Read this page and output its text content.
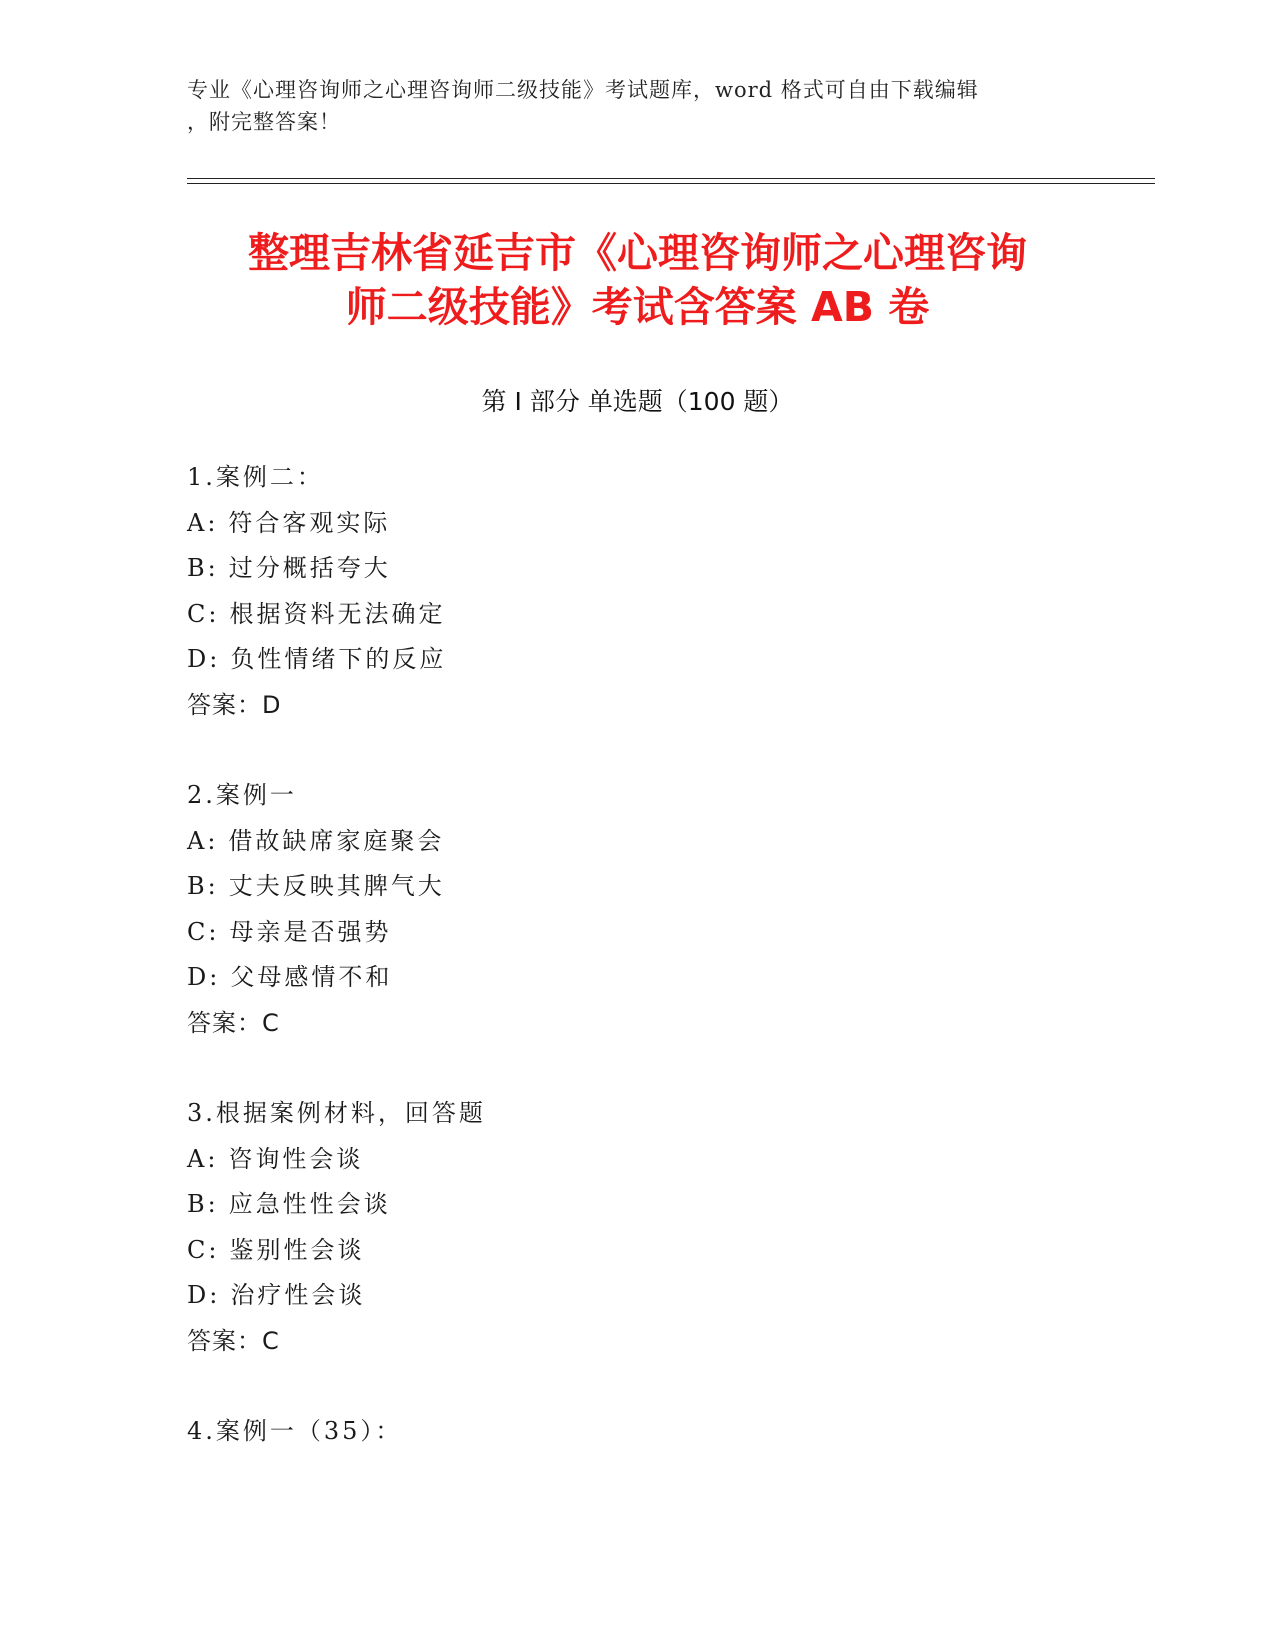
专业《心理咨询师之心理咨询师二级技能》考试题库，word 格式可自由下载编辑
，附完整答案！
整理吉林省延吉市《心理咨询师之心理咨询
师二级技能》考试含答案 AB 卷
第 I 部分 单选题（100 题）
1.案例二：
A: 符合客观实际
B: 过分概括夸大
C: 根据资料无法确定
D: 负性情绪下的反应
答案：D
2.案例一
A: 借故缺席家庭聚会
B: 丈夫反映其脾气大
C: 母亲是否强势
D: 父母感情不和
答案：C
3.根据案例材料，回答题
A: 咨询性会谈
B: 应急性性会谈
C: 鉴别性会谈
D: 治疗性会谈
答案：C
4.案例一（35）：
